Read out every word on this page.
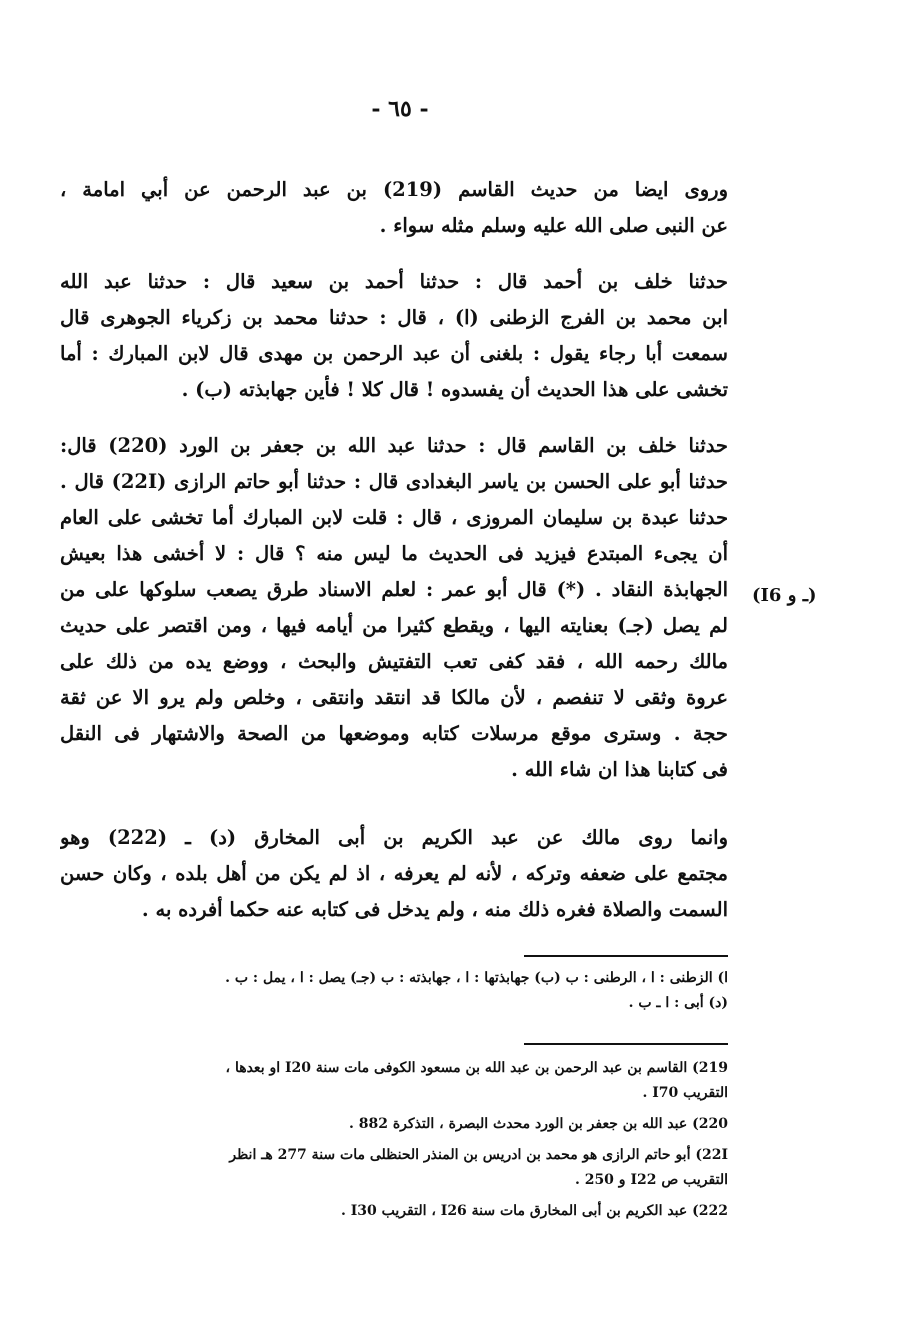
- ٦٥ -
وروى ايضا من حديث القاسم (219) بن عبد الرحمن عن أبي امامة ،
عن النبى صلى الله عليه وسلم مثله سواء .
حدثنا خلف بن أحمد قال : حدثنا أحمد بن سعيد قال : حدثنا عبد الله
ابن محمد بن الفرج الزطنى (ا) ، قال : حدثنا محمد بن زكرياء الجوهرى قال
سمعت أبا رجاء يقول : بلغنى أن عبد الرحمن بن مهدى قال لابن المبارك : أما
تخشى على هذا الحديث أن يفسدوه ! قال كلا ! فأين جهابذته (ب) .
حدثنا خلف بن القاسم قال : حدثنا عبد الله بن جعفر بن الورد (220) قال:
حدثنا أبو على الحسن بن ياسر البغدادى قال : حدثنا أبو حاتم الرازى (22I) قال .
حدثنا عبدة بن سليمان المروزى ، قال : قلت لابن المبارك أما تخشى على العام
أن يجىء المبتدع فيزيد فى الحديث ما ليس منه ؟ قال : لا أخشى هذا بعيش
الجهابذة النقاد . (*) قال أبو عمر : لعلم الاسناد طرق يصعب سلوكها على من
لم يصل (جـ) بعنايته اليها ، ويقطع كثيرا من أيامه فيها ، ومن اقتصر على حديث
مالك رحمه الله ، فقد كفى تعب التفتيش والبحث ، ووضع يده من ذلك على
عروة وثقى لا تنفصم ، لأن مالكا قد انتقد وانتقى ، وخلص ولم يرو الا عن ثقة
حجة . وسترى موقع مرسلات كتابه وموضعها من الصحة والاشتهار فى النقل
فى كتابنا هذا ان شاء الله .
(I6 ـ و)
وانما روى مالك عن عبد الكريم بن أبى المخارق (د) ـ (222) وهو
مجتمع على ضعفه وتركه ، لأنه لم يعرفه ، اذ لم يكن من أهل بلده ، وكان حسن
السمت والصلاة فغره ذلك منه ، ولم يدخل فى كتابه عنه حكما أفرده به .
ا) الزطنى : ا ، الرطنى : ب (ب) جهابذتها : ا ، جهابذته : ب (جـ) يصل : ا ، يمل : ب .
(د) أبى : ا ـ ب .
219) القاسم بن عبد الرحمن بن عبد الله بن مسعود الكوفى مات سنة I20 او بعدها ،
التقريب I70 .
220) عبد الله بن جعفر بن الورد محدث البصرة ، التذكرة 882 .
22I) أبو حاتم الرازى هو محمد بن ادريس بن المنذر الحنظلى مات سنة 277 هـ انظر
التقريب ص I22 و 250 .
222) عبد الكريم بن أبى المخارق مات سنة I26 ، التقريب I30 .
